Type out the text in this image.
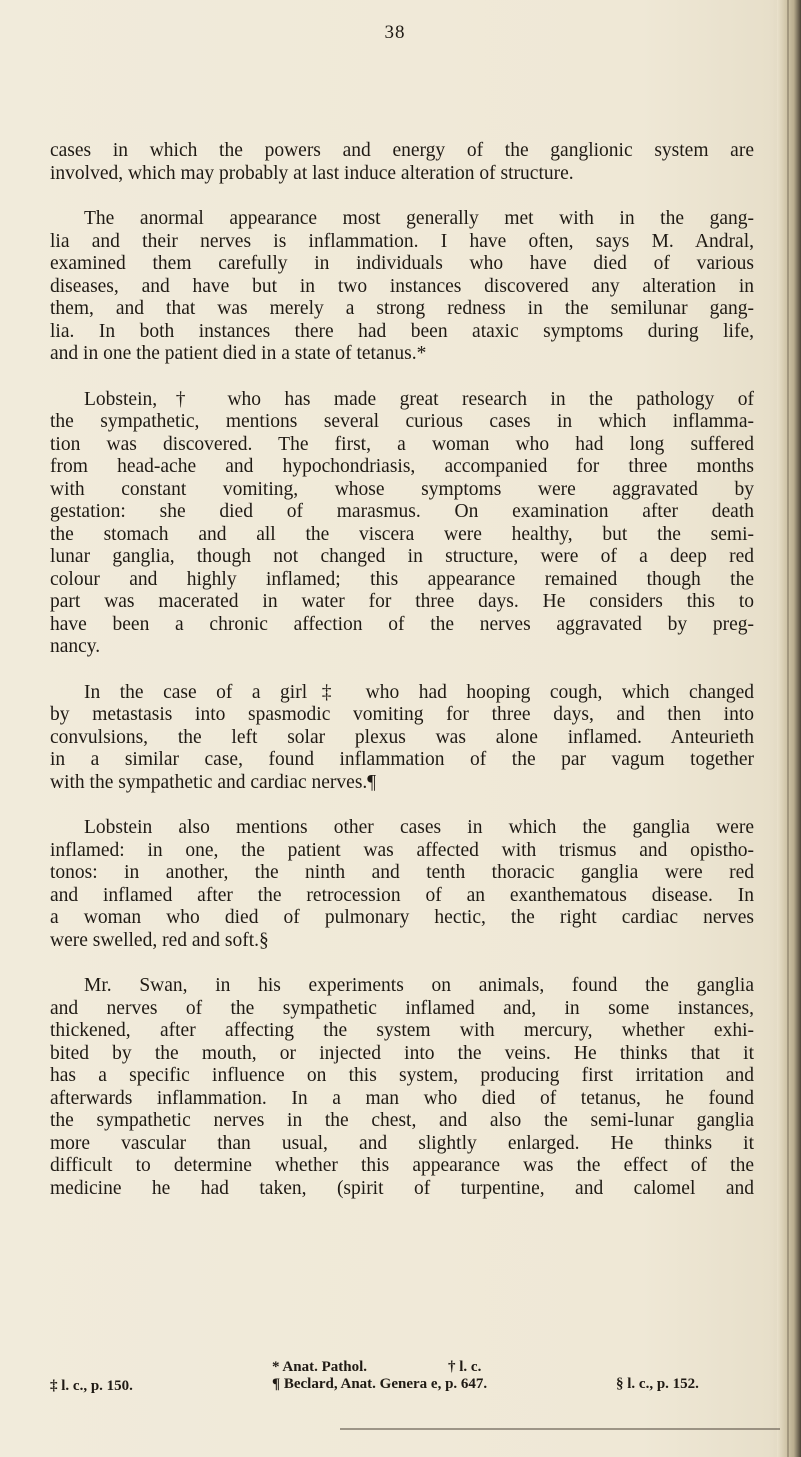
38
cases in which the powers and energy of the ganglionic system are
involved, which may probably at last induce alteration of structure.
The anormal appearance most generally met with in the gang-
lia and their nerves is inflammation. I have often, says M. Andral,
examined them carefully in individuals who have died of various
diseases, and have but in two instances discovered any alteration in
them, and that was merely a strong redness in the semilunar gang-
lia. In both instances there had been ataxic symptoms during life,
and in one the patient died in a state of tetanus.*
Lobstein,† who has made great research in the pathology of
the sympathetic, mentions several curious cases in which inflamma-
tion was discovered. The first, a woman who had long suffered
from head-ache and hypochondriasis, accompanied for three months
with constant vomiting, whose symptoms were aggravated by
gestation: she died of marasmus. On examination after death
the stomach and all the viscera were healthy, but the semi-
lunar ganglia, though not changed in structure, were of a deep red
colour and highly inflamed; this appearance remained though the
part was macerated in water for three days. He considers this to
have been a chronic affection of the nerves aggravated by preg-
nancy.
In the case of a girl‡ who had hooping cough, which changed
by metastasis into spasmodic vomiting for three days, and then into
convulsions, the left solar plexus was alone inflamed. Anteurieth
in a similar case, found inflammation of the par vagum together
with the sympathetic and cardiac nerves.¶
Lobstein also mentions other cases in which the ganglia were
inflamed: in one, the patient was affected with trismus and opistho-
tonos: in another, the ninth and tenth thoracic ganglia were red
and inflamed after the retrocession of an exanthematous disease. In
a woman who died of pulmonary hectic, the right cardiac nerves
were swelled, red and soft.§
Mr. Swan, in his experiments on animals, found the ganglia
and nerves of the sympathetic inflamed and, in some instances,
thickened, after affecting the system with mercury, whether exhi-
bited by the mouth, or injected into the veins. He thinks that it
has a specific influence on this system, producing first irritation and
afterwards inflammation. In a man who died of tetanus, he found
the sympathetic nerves in the chest, and also the semi-lunar ganglia
more vascular than usual, and slightly enlarged. He thinks it
difficult to determine whether this appearance was the effect of the
medicine he had taken, (spirit of turpentine, and calomel and
* Anat. Pathol.	† l. c.
‡ l. c., p. 150.	¶ Beclard, Anat. Genera e, p. 647.	§ l. c., p. 152.
